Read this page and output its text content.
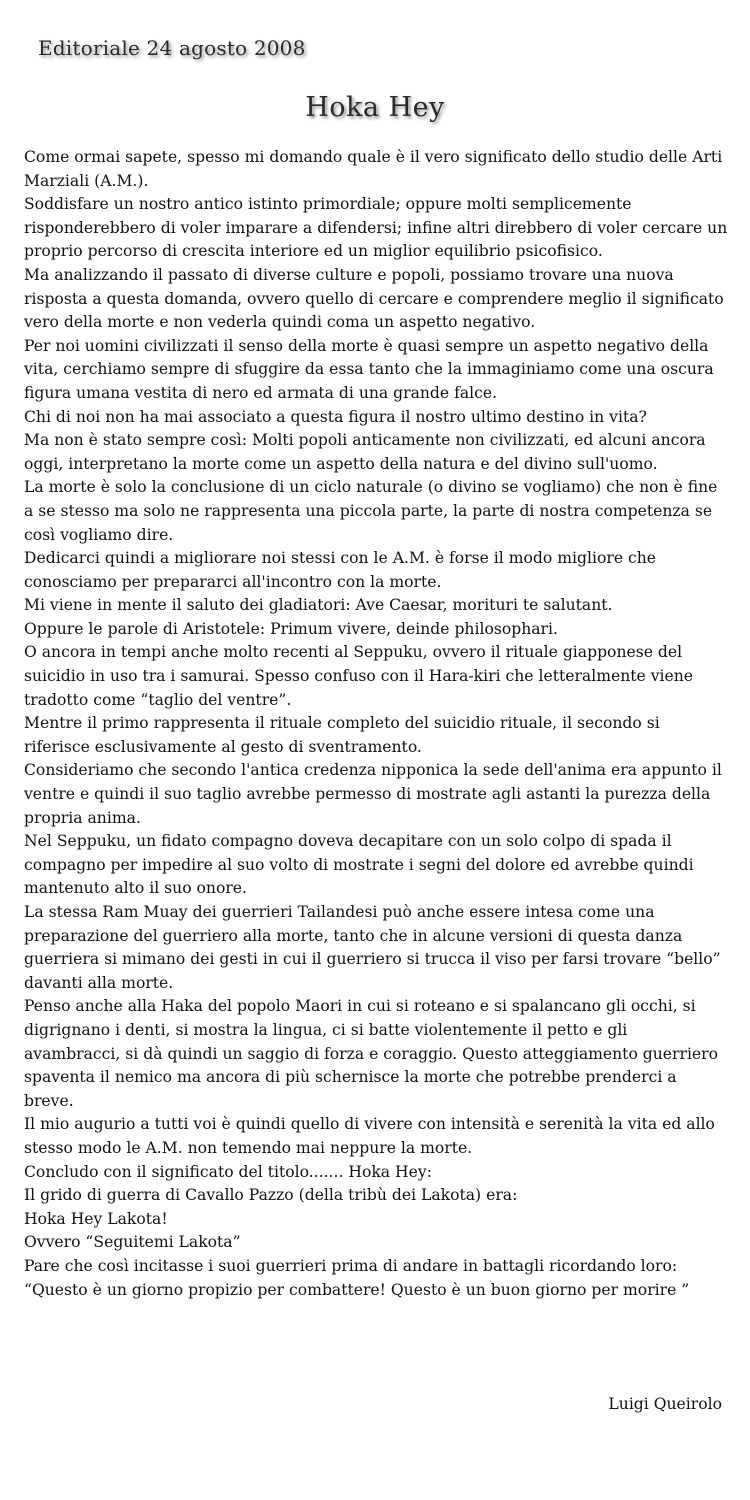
Editoriale 24 agosto 2008
Hoka Hey

Come ormai sapete, spesso mi domando quale è il vero significato dello studio delle Arti Marziali (A.M.).

Soddisfare un nostro antico istinto primordiale; oppure molti semplicemente risponderebbero di voler imparare a difendersi; infine altri direbbero di voler cercare un proprio percorso di crescita interiore ed un miglior equilibrio psicofisico.

Ma analizzando il passato di diverse culture e popoli, possiamo trovare una nuova risposta a questa domanda, ovvero quello di cercare e comprendere meglio il significato vero della morte e non vederla quindi coma un aspetto negativo.

Per noi uomini civilizzati il senso della morte è quasi sempre un aspetto negativo della vita, cerchiamo sempre di sfuggire da essa tanto che la immaginiamo come una oscura figura umana vestita di nero ed armata di una grande falce.

Chi di noi non ha mai associato a questa figura il nostro ultimo destino in vita?

Ma non è stato sempre così: Molti popoli anticamente non civilizzati, ed alcuni ancora oggi, interpretano la morte come un aspetto della natura e del divino sull'uomo.

La morte è solo la conclusione di un ciclo naturale (o divino se vogliamo) che non è fine a se stesso ma solo ne rappresenta una piccola parte, la parte di nostra competenza se così vogliamo dire.

Dedicarci quindi a migliorare noi stessi con le A.M. è forse il modo migliore che conosciamo per prepararci all'incontro con la morte.

Mi viene in mente il saluto dei gladiatori: Ave Caesar, morituri te salutant.

Oppure le parole di Aristotele: Primum vivere, deinde philosophari.

O ancora in tempi anche molto recenti al Seppuku, ovvero il rituale giapponese del suicidio in uso tra i samurai. Spesso confuso con il Hara-kiri che letteralmente viene tradotto come “taglio del ventre”.

Mentre il primo rappresenta il rituale completo del suicidio rituale, il secondo si riferisce esclusivamente al gesto di sventramento.

Consideriamo che secondo l'antica credenza nipponica la sede dell'anima era appunto il ventre e quindi il suo taglio avrebbe permesso di mostrate agli astanti la purezza della propria anima.

Nel Seppuku, un fidato compagno doveva decapitare con un solo colpo di spada il compagno per impedire al suo volto di mostrate i segni del dolore ed avrebbe quindi mantenuto alto il suo onore.

La stessa Ram Muay dei guerrieri Tailandesi può anche essere intesa come una preparazione del guerriero alla morte, tanto che in alcune versioni di questa danza guerriera si mimano dei gesti in cui il guerriero si trucca il viso per farsi trovare “bello” davanti alla morte.

Penso anche alla Haka del popolo Maori in cui si roteano e si spalancano gli occhi, si digrignano i denti, si mostra la lingua, ci si batte violentemente il petto e gli avambracci, si dà quindi un saggio di forza e coraggio. Questo atteggiamento guerriero spaventa il nemico ma ancora di più schernisce la morte che potrebbe prenderci a breve.

Il mio augurio a tutti voi è quindi quello di vivere con intensità e serenità la vita ed allo stesso modo le A.M. non temendo mai neppure la morte.

Concludo con il significato del titolo....... Hoka Hey:

Il grido di guerra di Cavallo Pazzo (della tribù dei Lakota) era:

Hoka Hey Lakota!

Ovvero “Seguitemi Lakota”

Pare che così incitasse i suoi guerrieri prima di andare in battagli ricordando loro:

“Questo è un giorno propizio per combattere! Questo è un buon giorno per morire ”

Luigi Queirolo
